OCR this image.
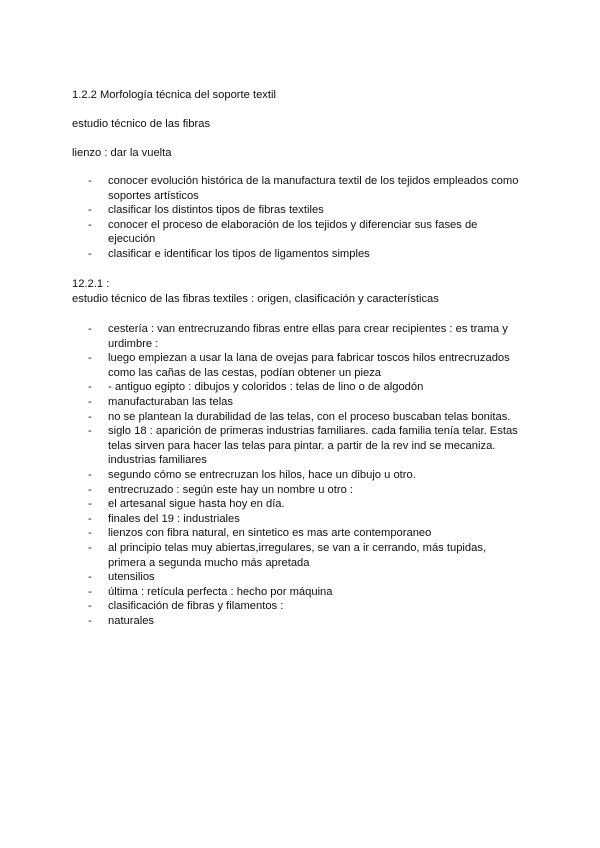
1.2.2 Morfología técnica del soporte textil
estudio técnico de las fibras
lienzo : dar la vuelta
- conocer evolución histórica de la manufactura textil de los tejidos empleados como soportes artísticos
- clasificar los distintos tipos de fibras textiles
- conocer el proceso de elaboración de los tejidos y diferenciar sus fases de ejecución
- clasificar e identificar los tipos de ligamentos simples
12.2.1 :
estudio técnico de las fibras textiles : origen, clasificación y características
- cestería : van entrecruzando fibras entre ellas para crear recipientes : es trama y urdimbre :
- luego empiezan a usar la lana de ovejas para fabricar toscos hilos entrecruzados como las cañas de las cestas, podían obtener un pieza
- - antiguo egipto : dibujos y coloridos : telas de lino o de algodón
- manufacturaban las telas
- no se plantean la durabilidad de las telas, con el proceso buscaban telas bonitas.
- siglo 18 : aparición de primeras industrias familiares. cada familia tenía telar. Estas telas sirven para hacer las telas para pintar. a partir de la rev ind se mecaniza. industrias familiares
- segundo cómo se entrecruzan los hilos, hace un dibujo u otro.
- entrecruzado : según este hay un nombre u otro :
- el artesanal sigue hasta hoy en día.
- finales del 19 : industriales
- lienzos con fibra natural, en sintetico es mas arte contemporaneo
- al principio telas muy abiertas,irregulares, se van a ir cerrando, más tupidas, primera a segunda mucho más apretada
- utensilios
- última : retícula perfecta : hecho por máquina
- clasificación de fibras y filamentos :
- naturales
